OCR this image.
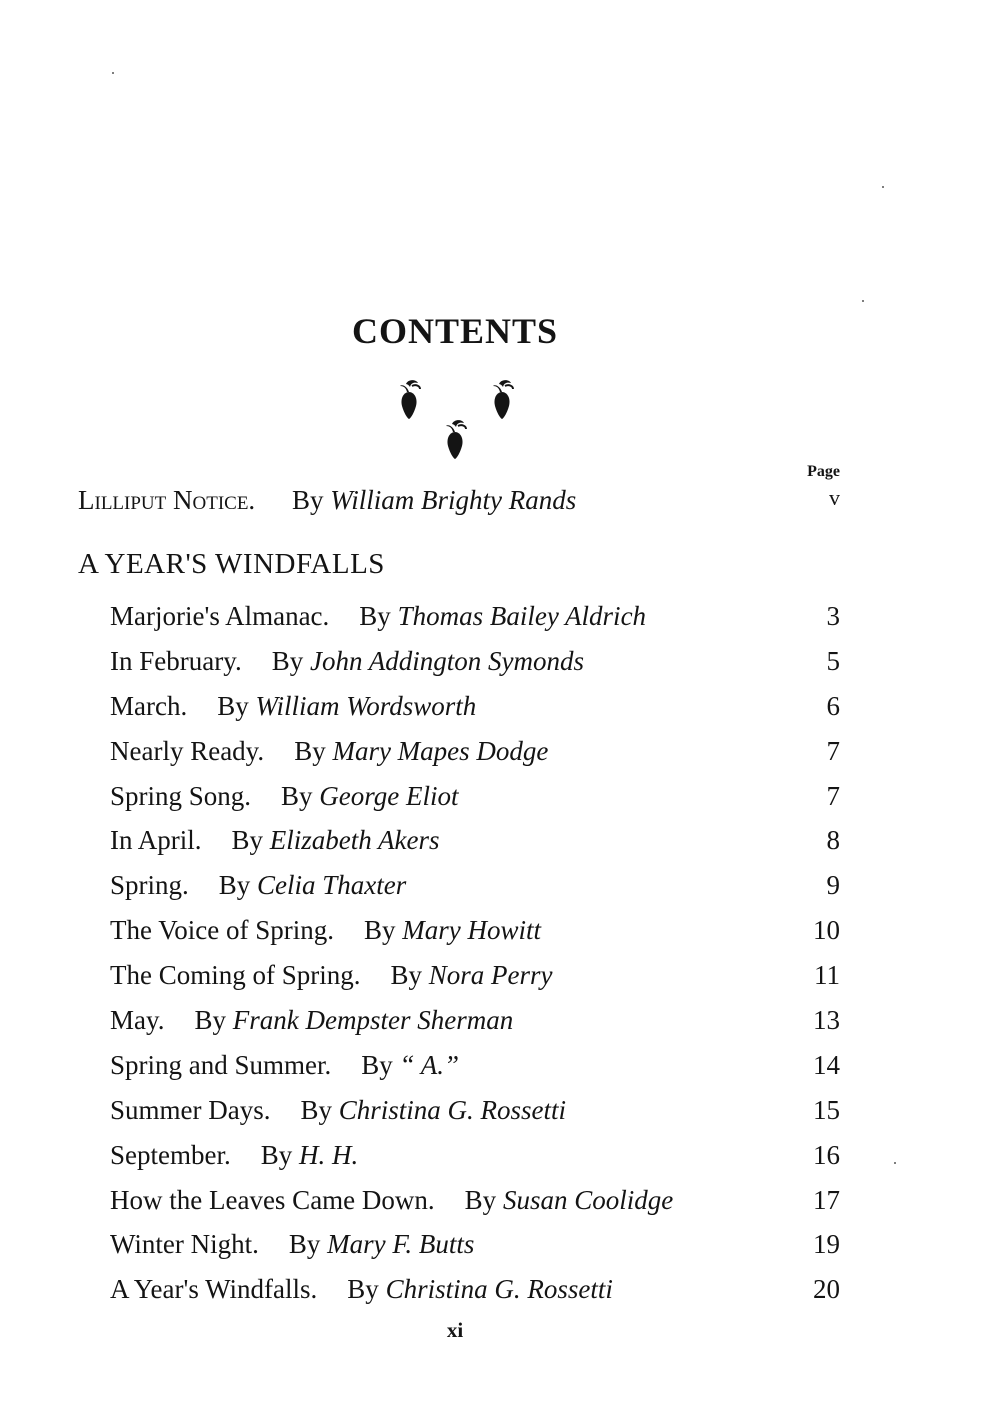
CONTENTS
Page
Lilliput Notice. By William Brighty Rands	v
A YEAR'S WINDFALLS
Marjorie's Almanac. By Thomas Bailey Aldrich	3
In February. By John Addington Symonds	5
March. By William Wordsworth	6
Nearly Ready. By Mary Mapes Dodge	7
Spring Song. By George Eliot	7
In April. By Elizabeth Akers	8
Spring. By Celia Thaxter	9
The Voice of Spring. By Mary Howitt	10
The Coming of Spring. By Nora Perry	11
May. By Frank Dempster Sherman	13
Spring and Summer. By “ A.”	14
Summer Days. By Christina G. Rossetti	15
September. By H. H.	16
How the Leaves Came Down. By Susan Coolidge	17
Winter Night. By Mary F. Butts	19
A Year's Windfalls. By Christina G. Rossetti	20
xi
